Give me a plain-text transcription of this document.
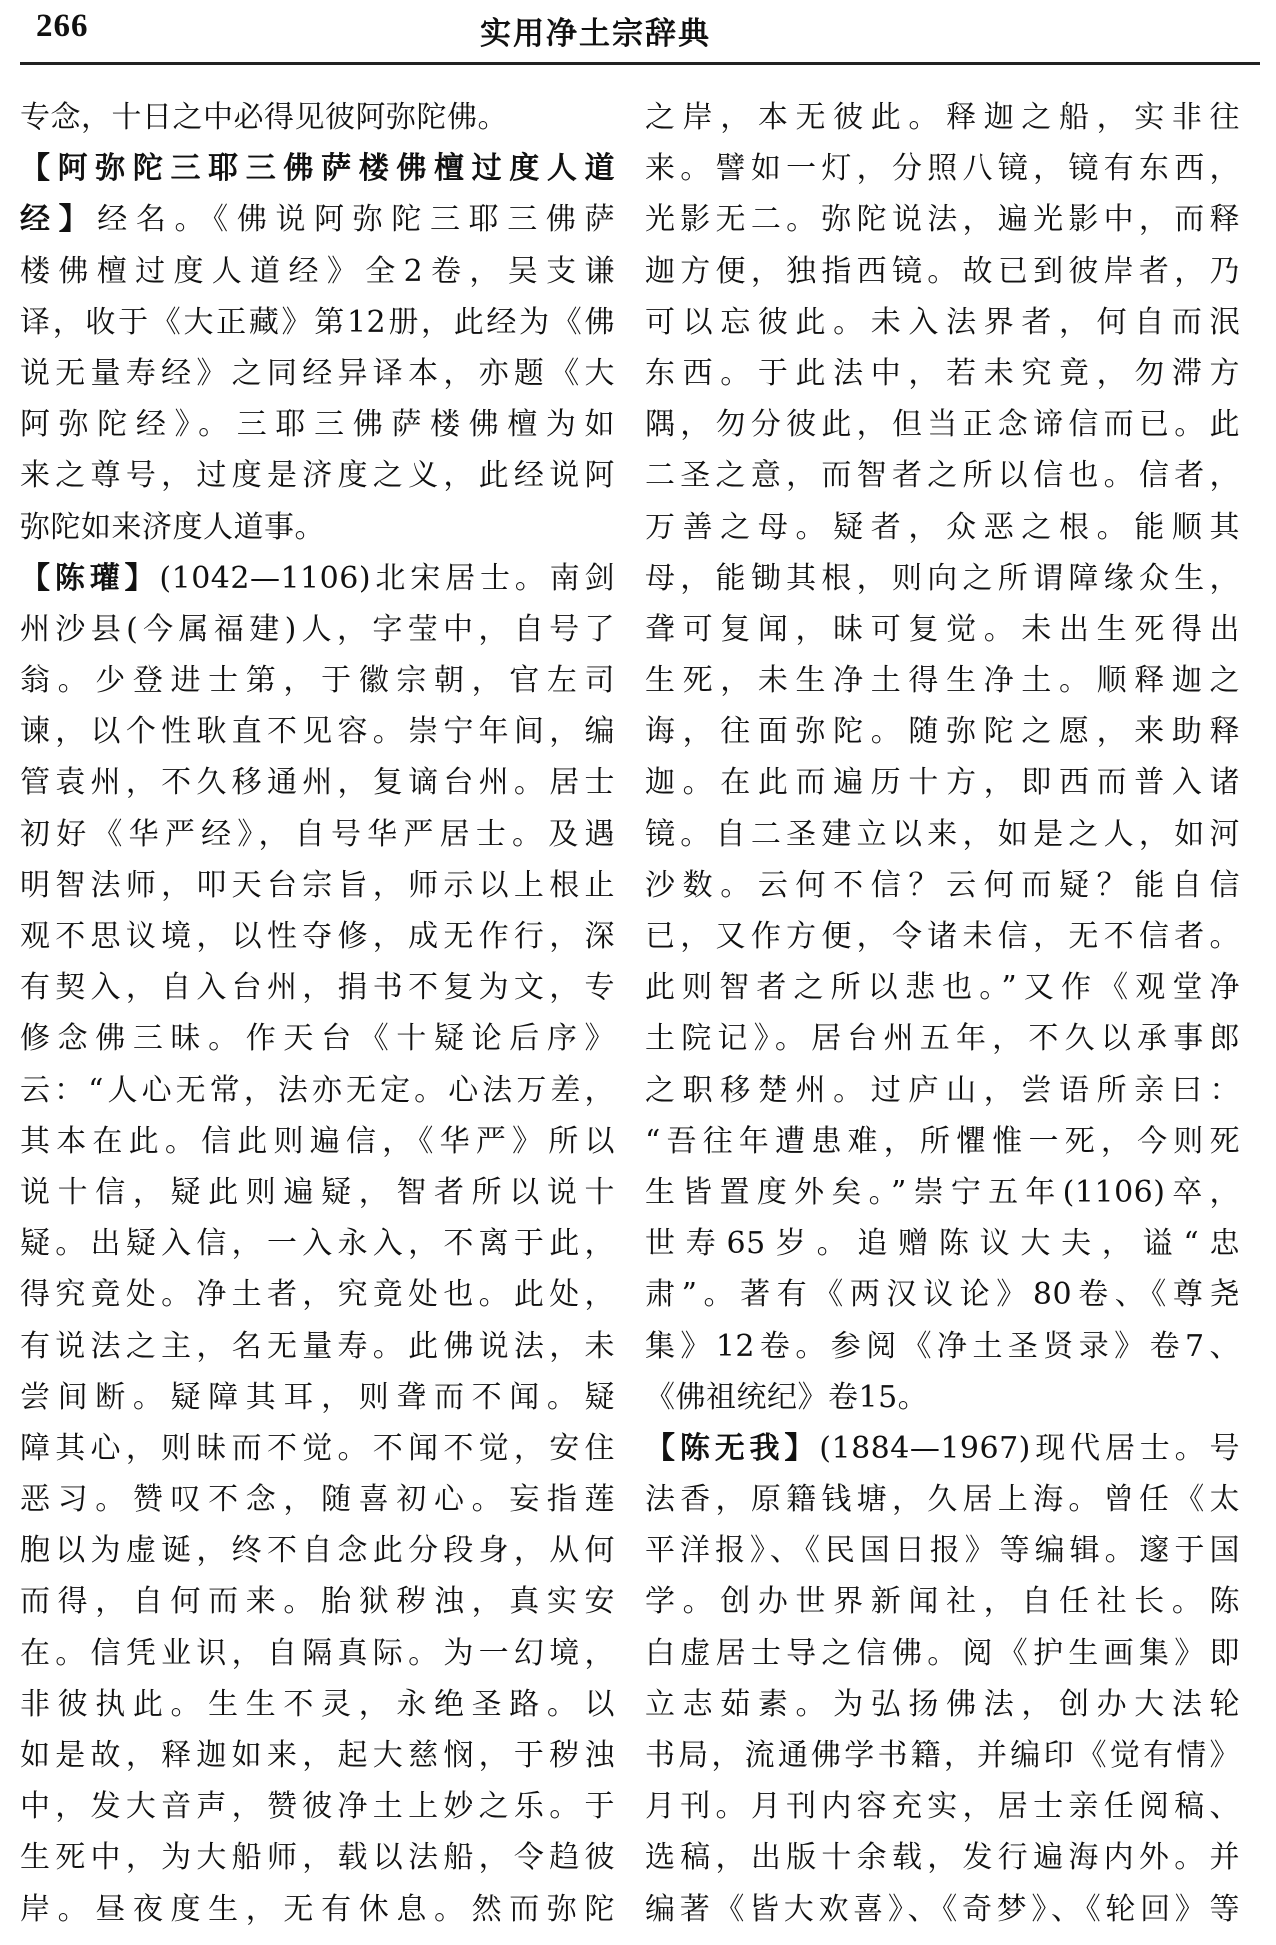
266	实用净土宗辞典
专念，十日之中必得见彼阿弥陀佛。
【阿弥陀三耶三佛萨楼佛檀过度人道
经】经名。《佛说阿弥陀三耶三佛萨
楼佛檀过度人道经》全2卷，吴支谦
译，收于《大正藏》第12册，此经为《佛
说无量寿经》之同经异译本，亦题《大
阿弥陀经》。三耶三佛萨楼佛檀为如
来之尊号，过度是济度之义，此经说阿
弥陀如来济度人道事。
【陈瓘】(1042—1106)北宋居士。南剑
州沙县(今属福建)人，字莹中，自号了
翁。少登进士第，于徽宗朝，官左司
谏，以个性耿直不见容。崇宁年间，编
管袁州，不久移通州，复谪台州。居士
初好《华严经》，自号华严居士。及遇
明智法师，叩天台宗旨，师示以上根止
观不思议境，以性夺修，成无作行，深
有契入，自入台州，捐书不复为文，专
修念佛三昧。作天台《十疑论后序》
云：“人心无常，法亦无定。心法万差，
其本在此。信此则遍信，《华严》所以
说十信，疑此则遍疑，智者所以说十
疑。出疑入信，一入永入，不离于此，
得究竟处。净土者，究竟处也。此处，
有说法之主，名无量寿。此佛说法，未
尝间断。疑障其耳，则聋而不闻。疑
障其心，则昧而不觉。不闻不觉，安住
恶习。赞叹不念，随喜初心。妄指莲
胞以为虚诞，终不自念此分段身，从何
而得，自何而来。胎狱秽浊，真实安
在。信凭业识，自隔真际。为一幻境，
非彼执此。生生不灵，永绝圣路。以
如是故，释迦如来，起大慈悯，于秽浊
中，发大音声，赞彼净土上妙之乐。于
生死中，为大船师，载以法船，令趋彼
岸。昼夜度生，无有休息。然而弥陀
之岸，本无彼此。释迦之船，实非往
来。譬如一灯，分照八镜，镜有东西，
光影无二。弥陀说法，遍光影中，而释
迦方便，独指西镜。故已到彼岸者，乃
可以忘彼此。未入法界者，何自而泯
东西。于此法中，若未究竟，勿滞方
隅，勿分彼此，但当正念谛信而已。此
二圣之意，而智者之所以信也。信者，
万善之母。疑者，众恶之根。能顺其
母，能锄其根，则向之所谓障缘众生，
聋可复闻，昧可复觉。未出生死得出
生死，未生净土得生净土。顺释迦之
诲，往面弥陀。随弥陀之愿，来助释
迦。在此而遍历十方，即西而普入诸
镜。自二圣建立以来，如是之人，如河
沙数。云何不信？云何而疑？能自信
已，又作方便，令诸未信，无不信者。
此则智者之所以悲也。”又作《观堂净
土院记》。居台州五年，不久以承事郎
之职移楚州。过庐山，尝语所亲曰：
“吾往年遭患难，所懼惟一死，今则死
生皆置度外矣。”崇宁五年(1106)卒，
世寿65岁。追赠陈议大夫，谥“忠
肃”。著有《两汉议论》80卷、《尊尧
集》12卷。参阅《净土圣贤录》卷7、
《佛祖统纪》卷15。
【陈无我】(1884—1967)现代居士。号
法香，原籍钱塘，久居上海。曾任《太
平洋报》、《民国日报》等编辑。邃于国
学。创办世界新闻社，自任社长。陈
白虚居士导之信佛。阅《护生画集》即
立志茹素。为弘扬佛法，创办大法轮
书局，流通佛学书籍，并编印《觉有情》
月刊。月刊内容充实，居士亲任阅稿、
选稿，出版十余载，发行遍海内外。并
编著《皆大欢喜》、《奇梦》、《轮回》等
